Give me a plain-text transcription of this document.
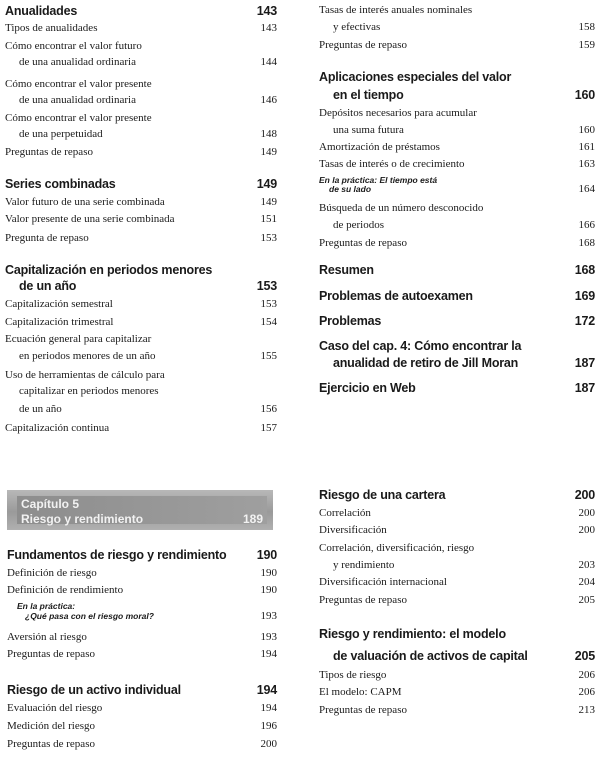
Anualidades	143
Tipos de anualidades	143
Cómo encontrar el valor futuro
de una anualidad ordinaria	144
Cómo encontrar el valor presente
de una anualidad ordinaria	146
Cómo encontrar el valor presente
de una perpetuidad	148
Preguntas de repaso	149
Series combinadas	149
Valor futuro de una serie combinada	149
Valor presente de una serie combinada	151
Pregunta de repaso	153
Capitalización en periodos menores
de un año	153
Capitalización semestral	153
Capitalización trimestral	154
Ecuación general para capitalizar
en periodos menores de un año	155
Uso de herramientas de cálculo para
capitalizar en periodos menores
de un año	156
Capitalización continua	157
Tasas de interés anuales nominales
y efectivas	158
Preguntas de repaso	159
Aplicaciones especiales del valor
en el tiempo	160
Depósitos necesarios para acumular
una suma futura	160
Amortización de préstamos	161
Tasas de interés o de crecimiento	163
En la práctica: El tiempo está
de su lado	164
Búsqueda de un número desconocido
de periodos	166
Preguntas de repaso	168
Resumen	168
Problemas de autoexamen	169
Problemas	172
Caso del cap. 4: Cómo encontrar la
anualidad de retiro de Jill Moran	187
Ejercicio en Web	187
Capítulo 5
Riesgo y rendimiento	189
Fundamentos de riesgo y rendimiento 190
Definición de riesgo	190
Definición de rendimiento	190
En la práctica:
¿Qué pasa con el riesgo moral?	193
Aversión al riesgo	193
Preguntas de repaso	194
Riesgo de un activo individual	194
Evaluación del riesgo	194
Medición del riesgo	196
Preguntas de repaso	200
Riesgo de una cartera	200
Correlación	200
Diversificación	200
Correlación, diversificación, riesgo
y rendimiento	203
Diversificación internacional	204
Preguntas de repaso	205
Riesgo y rendimiento: el modelo
de valuación de activos de capital	205
Tipos de riesgo	206
El modelo: CAPM	206
Preguntas de repaso	213
